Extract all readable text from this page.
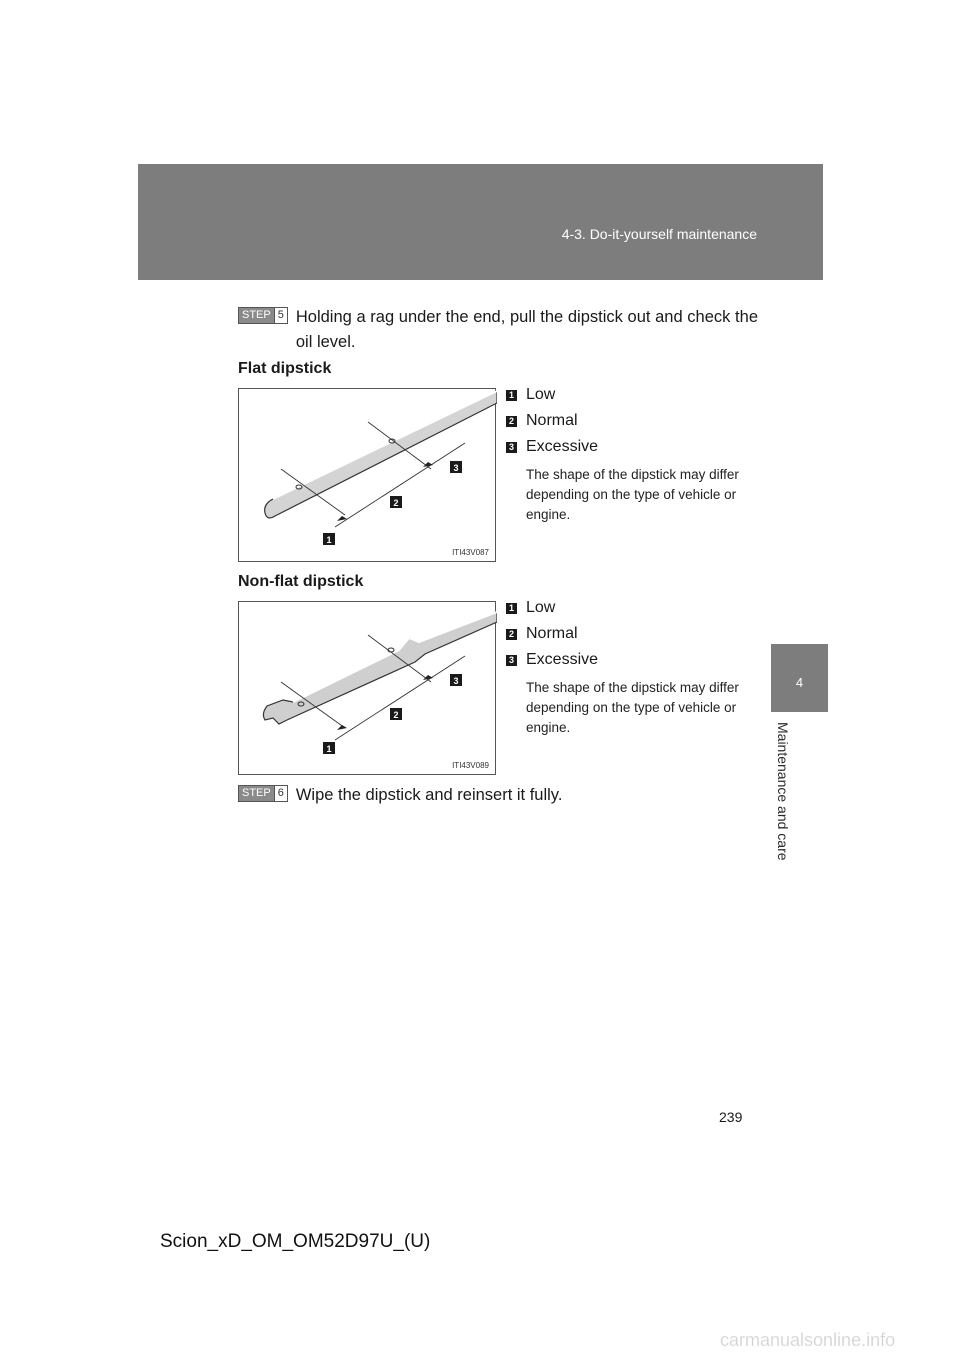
4-3. Do-it-yourself maintenance
4
Maintenance and care
STEP 5 Holding a rag under the end, pull the dipstick out and check the oil level.
Flat dipstick
1
2
3
ITI43V087
1 Low
2 Normal
3 Excessive
The shape of the dipstick may differ depending on the type of vehicle or engine.
Non-flat dipstick
1
2
3
ITI43V089
1 Low
2 Normal
3 Excessive
The shape of the dipstick may differ depending on the type of vehicle or engine.
STEP 6 Wipe the dipstick and reinsert it fully.
239
Scion_xD_OM_OM52D97U_(U)
carmanualsonline.info
